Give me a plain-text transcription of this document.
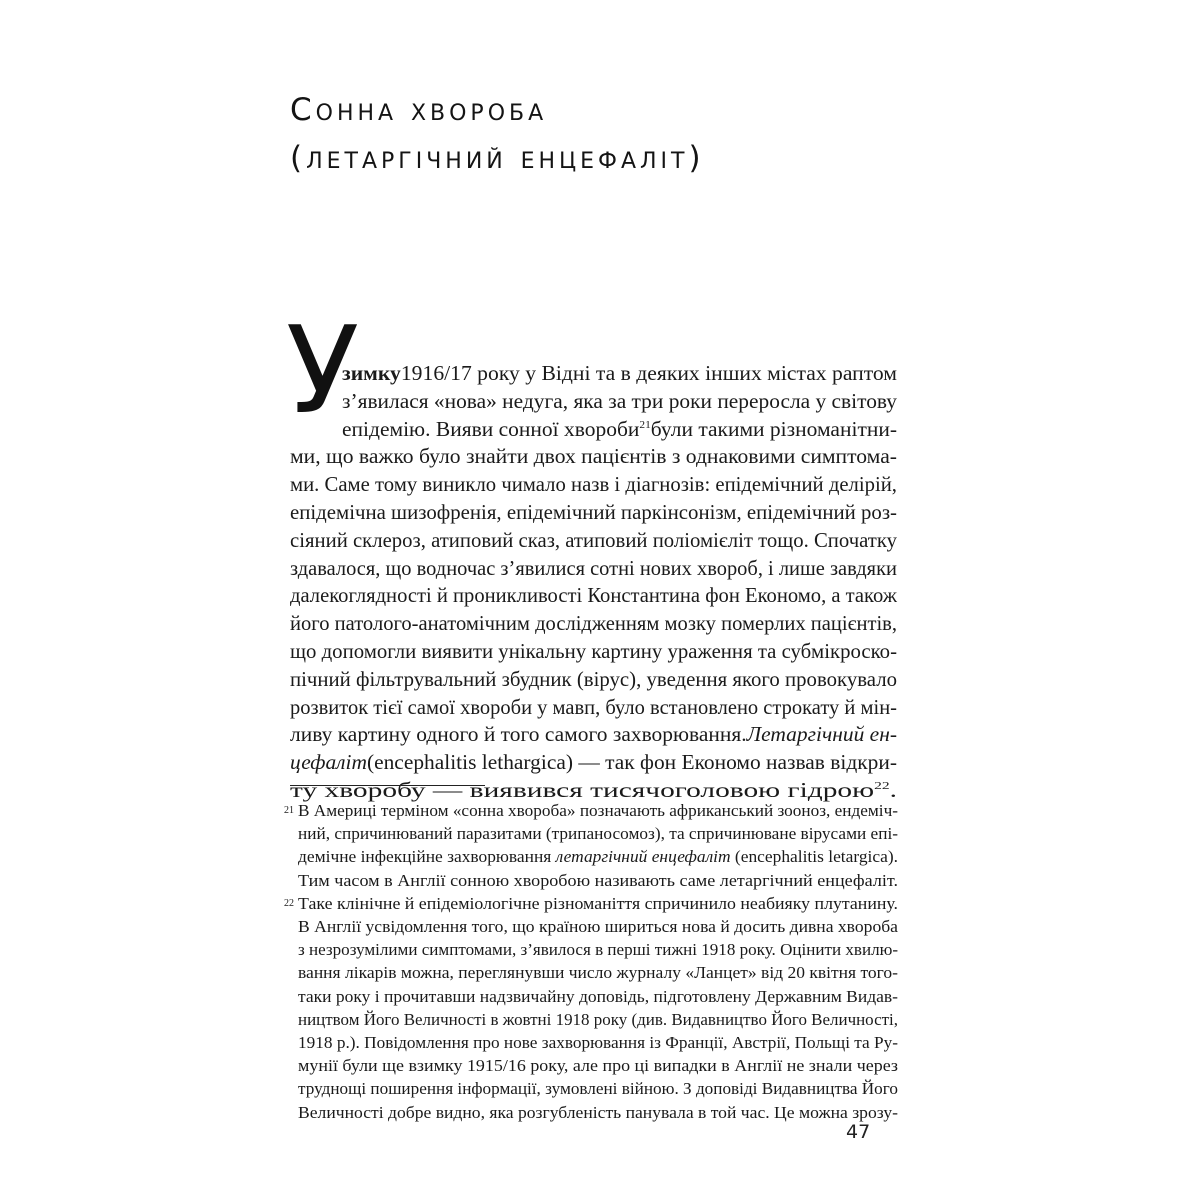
Сонна хвороба
(летаргічний енцефаліт)
У
зимку1916/17 року у Відні та в деяких інших містах раптом
з’явилася «нова» недуга, яка за три роки переросла у світову
епідемію. Вияви сонної хвороби$^{21}$були такими різноманітни-
ми, що важко було знайти двох пацієнтів з однаковими симптома-
ми. Саме тому виникло чимало назв і діагнозів: епідемічний делірій,
епідемічна шизофренія, епідемічний паркінсонізм, епідемічний роз-
сіяний склероз, атиповий сказ, атиповий поліомієліт тощо. Спочатку
здавалося, що водночас з’явилися сотні нових хвороб, і лише завдяки
далекоглядності й проникливості Константина фон Економо, а також
його патолого-анатомічним дослідженням мозку померлих пацієнтів,
що допомогли виявити унікальну картину ураження та субмікроско-
пічний фільтрувальний збудник (вірус), уведення якого провокувало
розвиток тієї самої хвороби у мавп, було встановлено строкату й мін-
ливу картину одного й того самого захворювання.Летаргічний ен-
цефаліт(encephalitis lethargica) — так фон Економо назвав відкри-
ту хворобу — виявився тисячоголовою гідрою$^{22}$.
21 В Америці терміном «сонна хвороба» позначають африканський зооноз, ендеміч-
ний, спричинюваний паразитами (трипаносомоз), та спричинюване вірусами епі-
демічне інфекційне захворювання летаргічний енцефаліт (encephalitis letargica).
Тим часом в Англії сонною хворобою називають саме летаргічний енцефаліт.
22 Таке клінічне й епідеміологічне різноманіття спричинило неабияку плутанину.
В Англії усвідомлення того, що країною шириться нова й досить дивна хвороба
з незрозумілими симптомами, з’явилося в перші тижні 1918 року. Оцінити хвилю-
вання лікарів можна, переглянувши число журналу «Ланцет» від 20 квітня того-
таки року і прочитавши надзвичайну доповідь, підготовлену Державним Видав-
ництвом Його Величності в жовтні 1918 року (див. Видавництво Його Величності,
1918 р.). Повідомлення про нове захворювання із Франції, Австрії, Польщі та Ру-
мунії були ще взимку 1915/16 року, але про ці випадки в Англії не знали через
труднощі поширення інформації, зумовлені війною. З доповіді Видавництва Його
Величності добре видно, яка розгубленість панувала в той час. Це можна зрозу-
47
